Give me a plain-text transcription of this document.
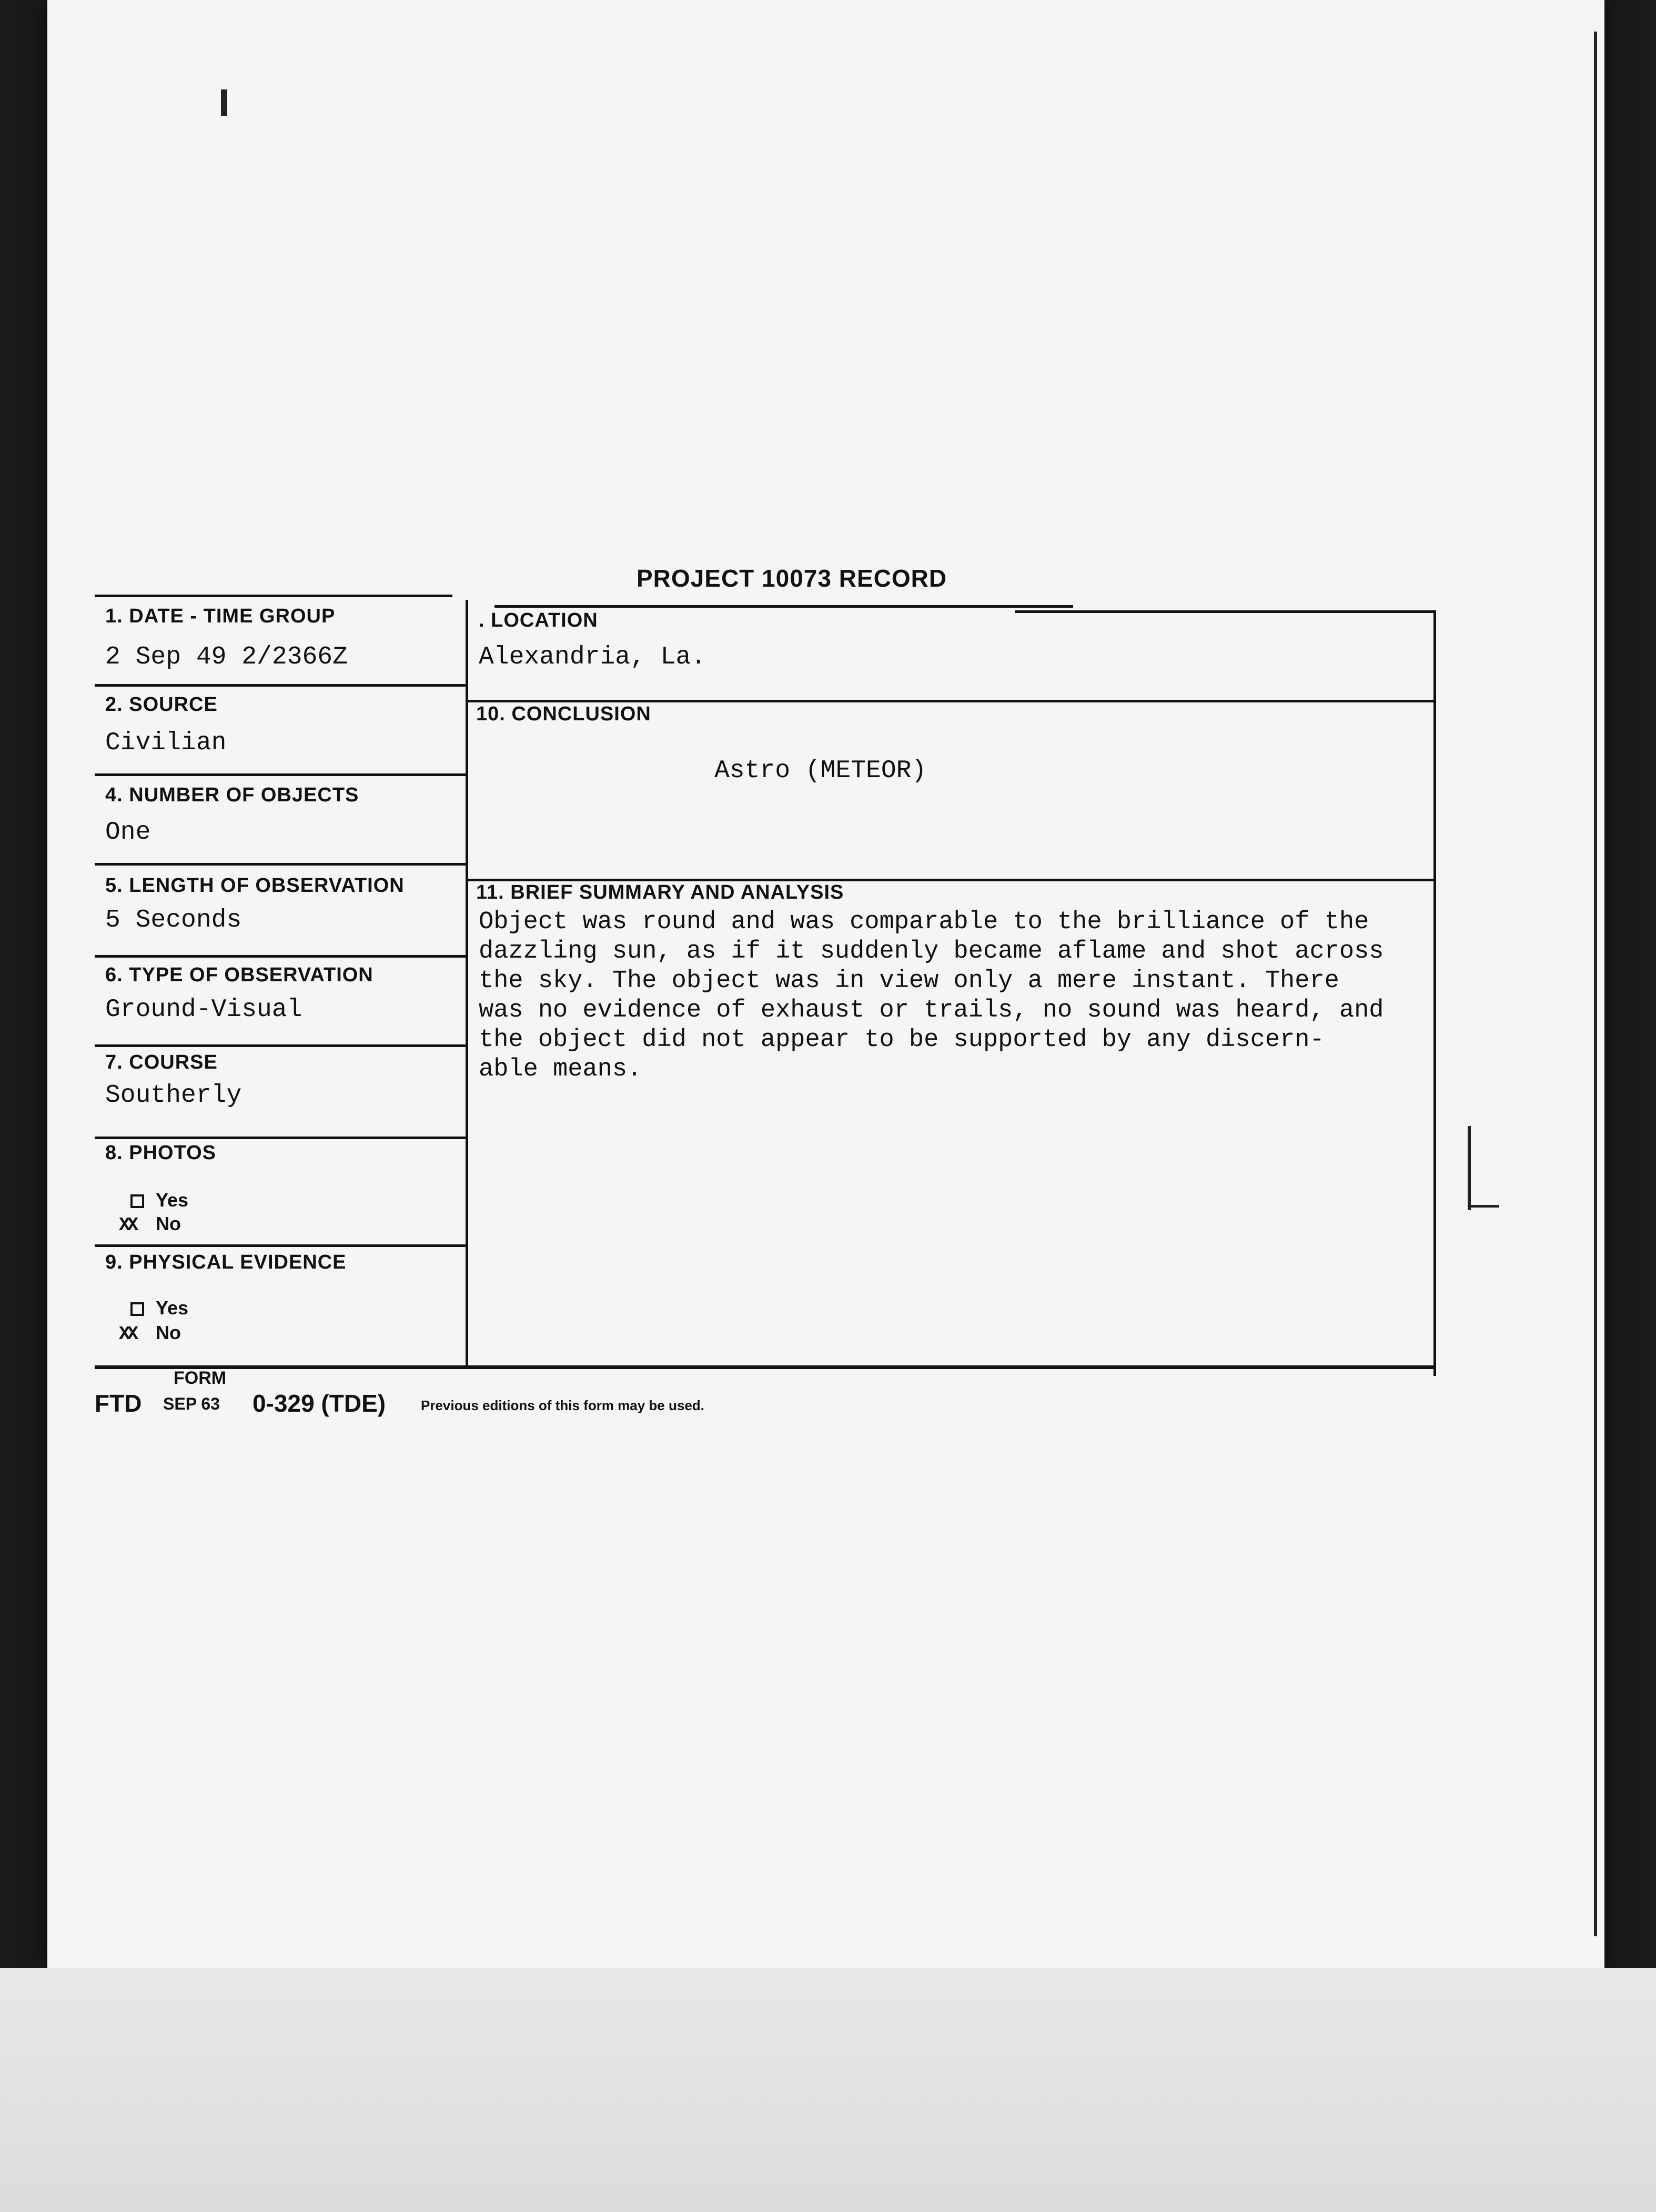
PROJECT 10073 RECORD
1. DATE - TIME GROUP
2 Sep 49 2/2366Z
. LOCATION
Alexandria, La.
2. SOURCE
Civilian
10. CONCLUSION
Astro (METEOR)
4. NUMBER OF OBJECTS
One
5. LENGTH OF OBSERVATION
5 Seconds
11. BRIEF SUMMARY AND ANALYSIS
Object was round and was comparable to the brilliance of the
dazzling sun, as if it suddenly became aflame and shot across
the sky. The object was in view only a mere instant. There
was no evidence of exhaust or trails, no sound was heard, and
the object did not appear to be supported by any discern-
able means.
6. TYPE OF OBSERVATION
Ground-Visual
7. COURSE
Southerly
8. PHOTOS
Yes
XX No
9. PHYSICAL EVIDENCE
Yes
XX No
FORM
FTD SEP 63 0-329 (TDE)	Previous editions of this form may be used.
